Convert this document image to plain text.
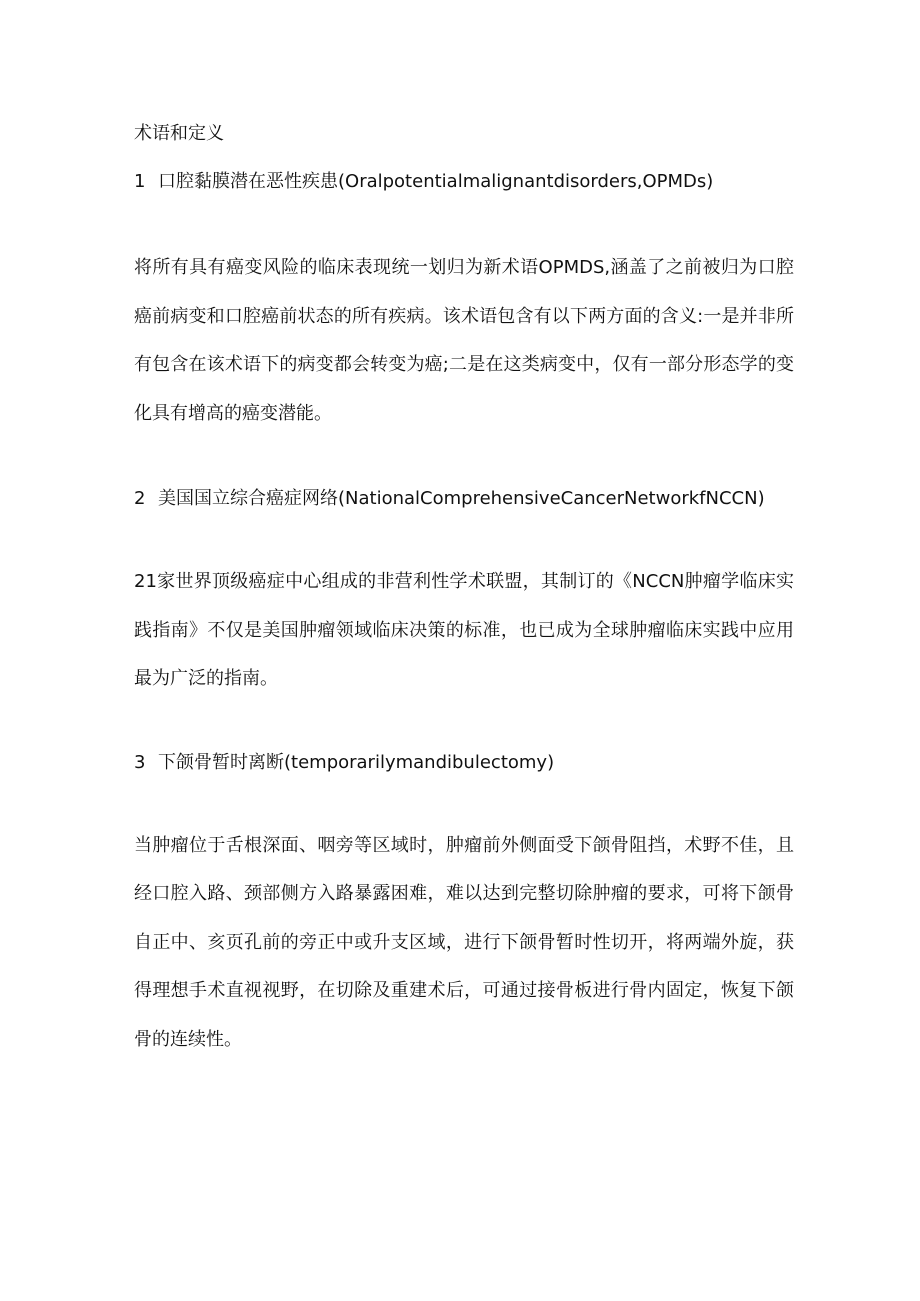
术语和定义
1 口腔黏膜潜在恶性疾患(Oralpotentialmalignantdisorders,OPMDs)

将所有具有癌变风险的临床表现统一划归为新术语OPMDS,涵盖了之前被归为口腔癌前病变和口腔癌前状态的所有疾病。该术语包含有以下两方面的含义:一是并非所有包含在该术语下的病变都会转变为癌;二是在这类病变中，仅有一部分形态学的变化具有增高的癌变潜能。

2 美国国立综合癌症网络(NationalComprehensiveCancerNetworkfNCCN)

21家世界顶级癌症中心组成的非营利性学术联盟，其制订的《NCCN肿瘤学临床实践指南》不仅是美国肿瘤领域临床决策的标准，也已成为全球肿瘤临床实践中应用最为广泛的指南。

3 下颌骨暂时离断(temporarilymandibulectomy)

当肿瘤位于舌根深面、咽旁等区域时，肿瘤前外侧面受下颌骨阻挡，术野不佳，且经口腔入路、颈部侧方入路暴露困难，难以达到完整切除肿瘤的要求，可将下颌骨自正中、亥页孔前的旁正中或升支区域，进行下颌骨暂时性切开，将两端外旋，获得理想手术直视视野，在切除及重建术后，可通过接骨板进行骨内固定，恢复下颌骨的连续性。
